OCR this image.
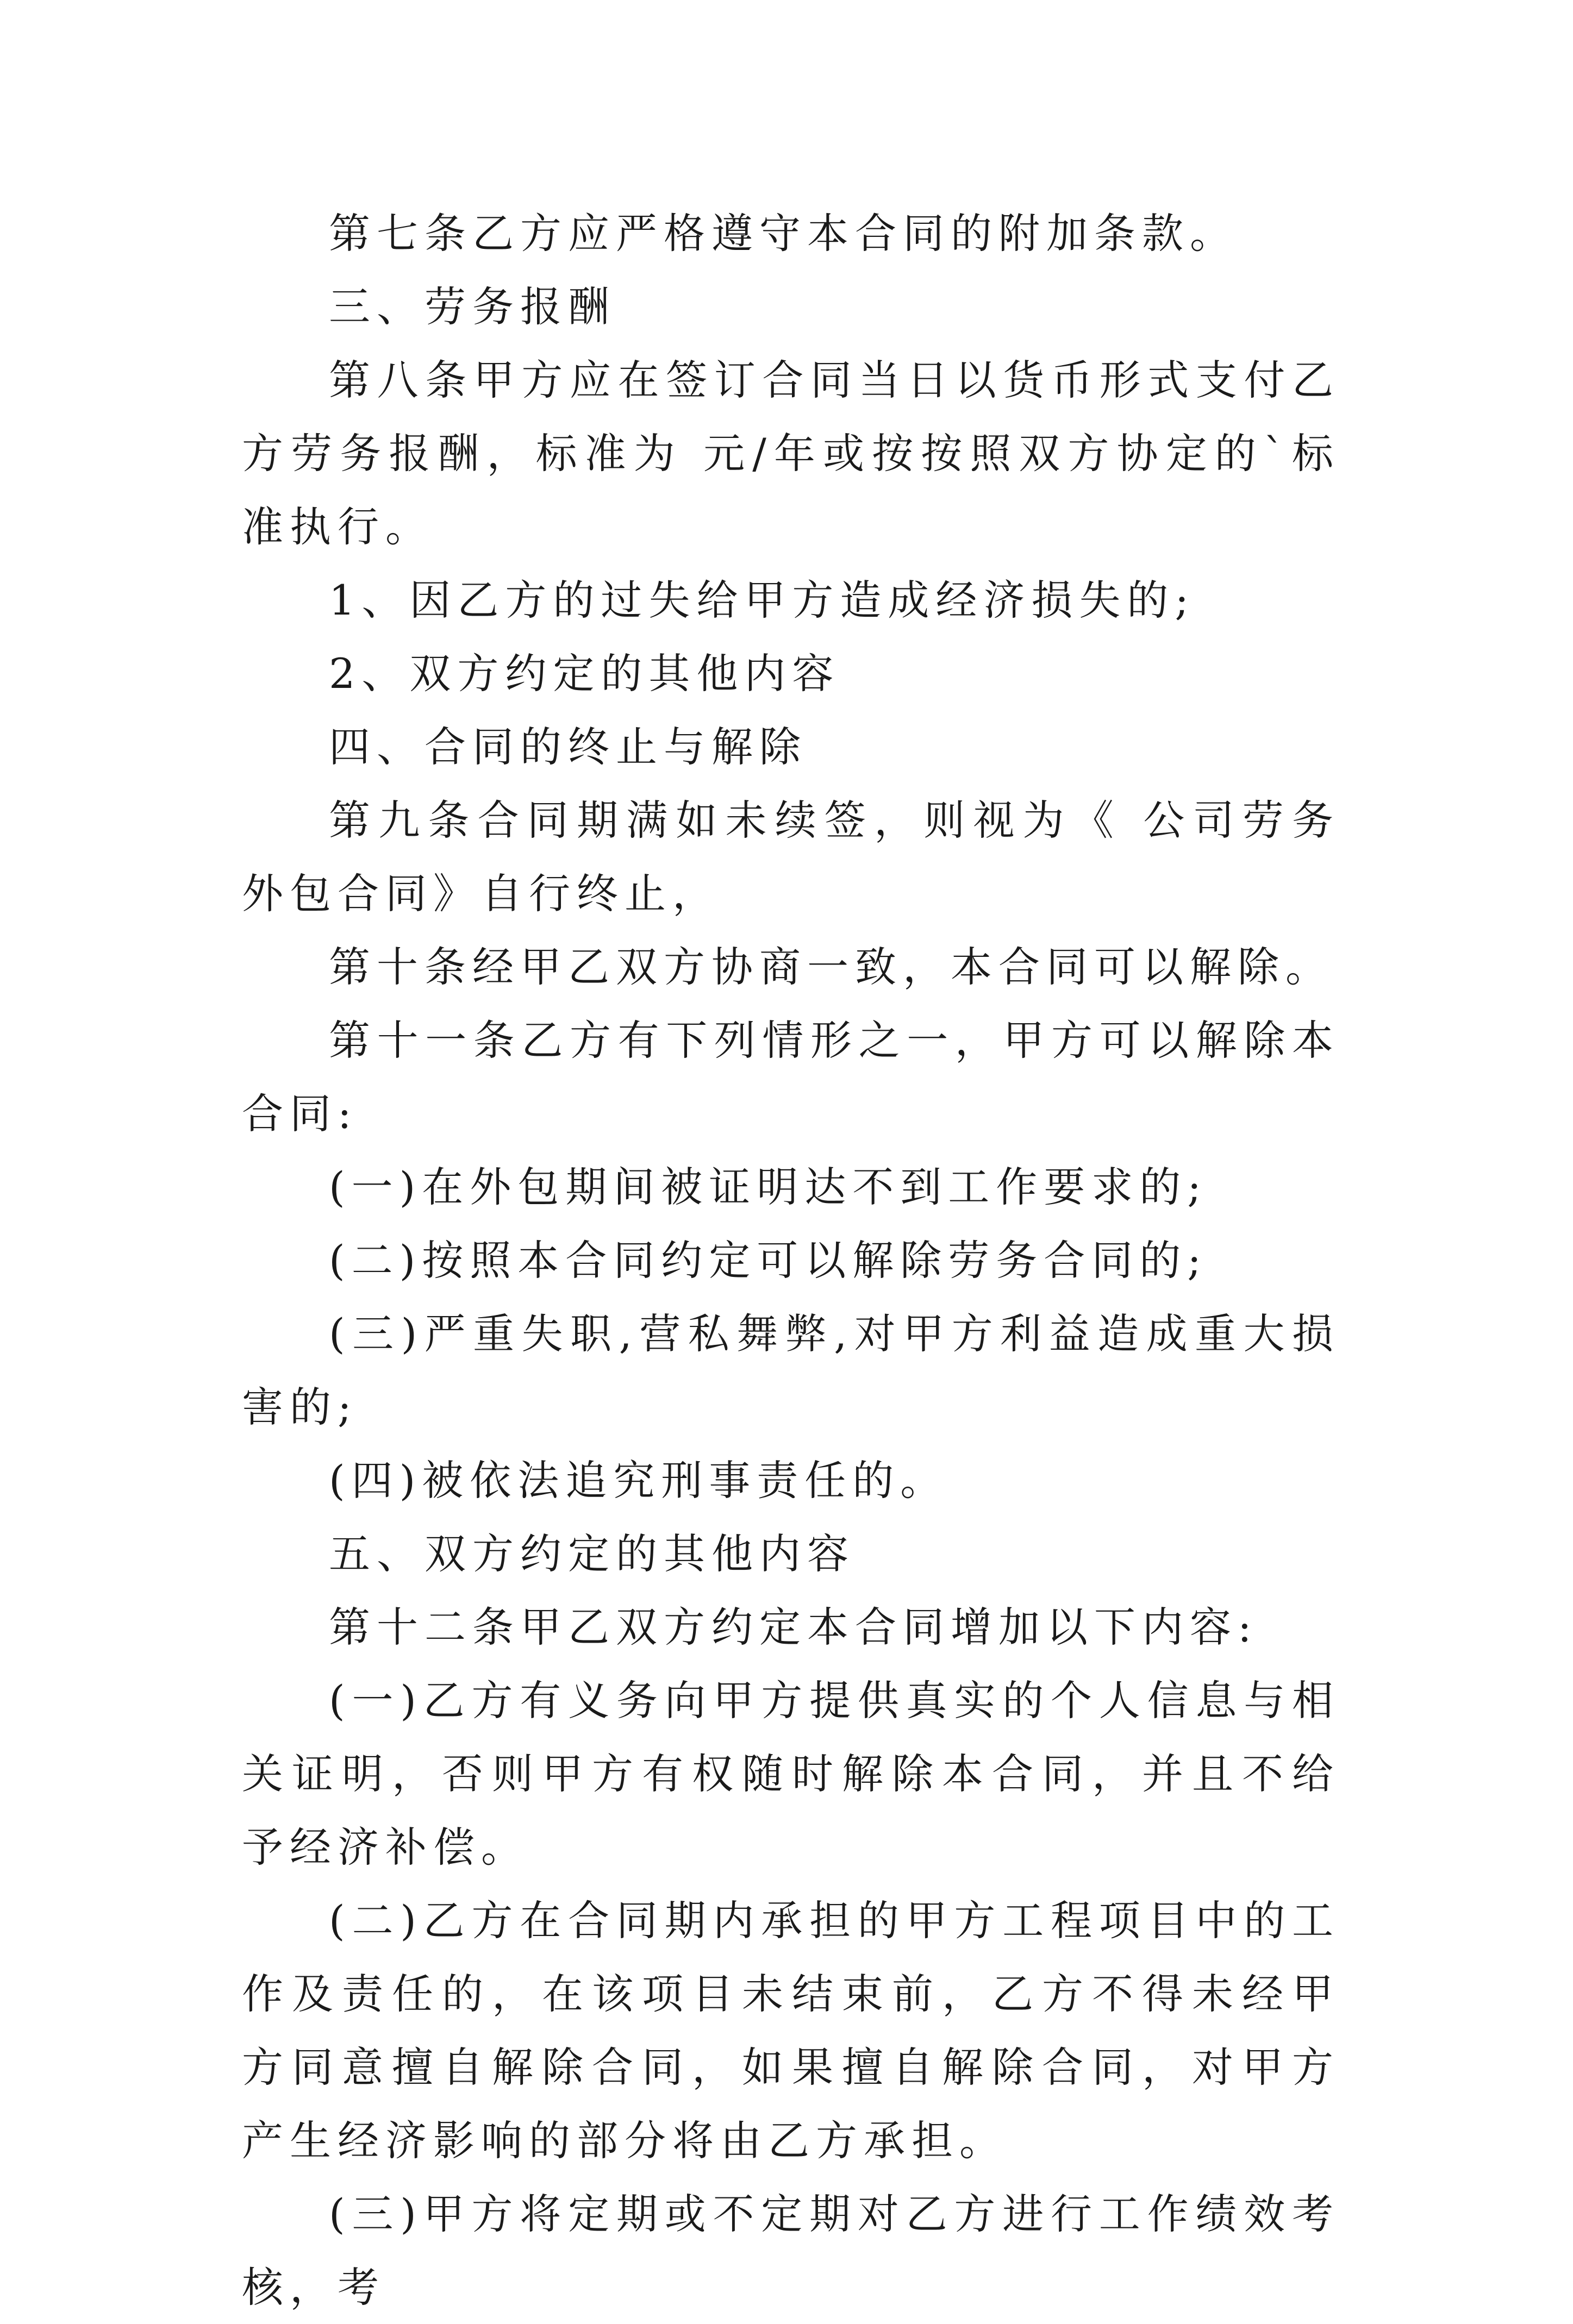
第七条乙方应严格遵守本合同的附加条款。

三、劳务报酬

第八条甲方应在签订合同当日以货币形式支付乙方劳务报酬，标准为 元/年或按按照双方协定的`标准执行。

1、因乙方的过失给甲方造成经济损失的;

2、双方约定的其他内容

四、合同的终止与解除

第九条合同期满如未续签，则视为《 公司劳务外包合同》自行终止，

第十条经甲乙双方协商一致，本合同可以解除。

第十一条乙方有下列情形之一，甲方可以解除本合同:

(一)在外包期间被证明达不到工作要求的;

(二)按照本合同约定可以解除劳务合同的;

(三)严重失职,营私舞弊,对甲方利益造成重大损害的;

(四)被依法追究刑事责任的。

五、双方约定的其他内容

第十二条甲乙双方约定本合同增加以下内容:

(一)乙方有义务向甲方提供真实的个人信息与相关证明，否则甲方有权随时解除本合同，并且不给予经济补偿。

(二)乙方在合同期内承担的甲方工程项目中的工作及责任的，在该项目未结束前，乙方不得未经甲方同意擅自解除合同，如果擅自解除合同，对甲方产生经济影响的部分将由乙方承担。

(三)甲方将定期或不定期对乙方进行工作绩效考核，考
